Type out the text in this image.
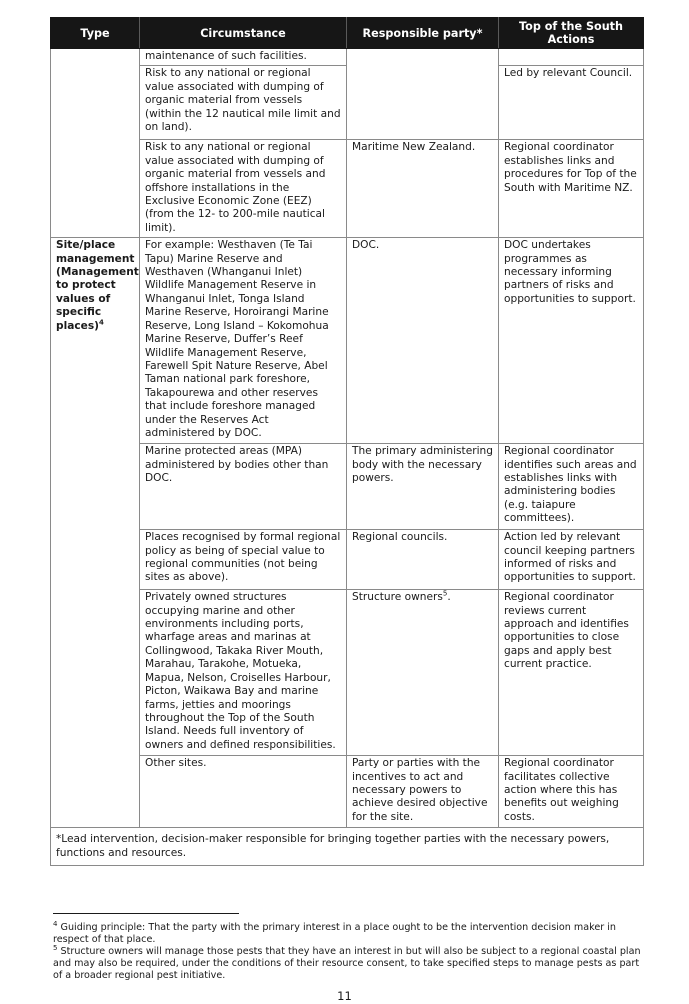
Type	Circumstance	Responsible party*	Top of the South Actions
	maintenance of such facilities.		
	Risk to any national or regional value associated with dumping of organic material from vessels (within the 12 nautical mile limit and on land).		Led by relevant Council.
	Risk to any national or regional value associated with dumping of organic material from vessels and offshore installations in the Exclusive Economic Zone (EEZ) (from the 12- to 200-mile nautical limit).	Maritime New Zealand.	Regional coordinator establishes links and procedures for Top of the South with Maritime NZ.
Site/place management (Management to protect values of specific places)$^4$	For example: Westhaven (Te Tai Tapu) Marine Reserve and Westhaven (Whanganui Inlet) Wildlife Management Reserve in Whanganui Inlet, Tonga Island Marine Reserve, Horoirangi Marine Reserve, Long Island – Kokomohua Marine Reserve, Duffer’s Reef Wildlife Management Reserve, Farewell Spit Nature Reserve, Abel Taman national park foreshore, Takapourewa and other reserves that include foreshore managed under the Reserves Act administered by DOC.	DOC.	DOC undertakes programmes as necessary informing partners of risks and opportunities to support.
	Marine protected areas (MPA) administered by bodies other than DOC.	The primary administering body with the necessary powers.	Regional coordinator identifies such areas and establishes links with administering bodies (e.g. taiapure committees).
	Places recognised by formal regional policy as being of special value to regional communities (not being sites as above).	Regional councils.	Action led by relevant council keeping partners informed of risks and opportunities to support.
	Privately owned structures occupying marine and other environments including ports, wharfage areas and marinas at Collingwood, Takaka River Mouth, Marahau, Tarakohe, Motueka, Mapua, Nelson, Croiselles Harbour, Picton, Waikawa Bay and marine farms, jetties and moorings throughout the Top of the South Island. Needs full inventory of owners and defined responsibilities.	Structure owners$^5$.	Regional coordinator reviews current approach and identifies opportunities to close gaps and apply best current practice.
	Other sites.	Party or parties with the incentives to act and necessary powers to achieve desired objective for the site.	Regional coordinator facilitates collective action where this has benefits out weighing costs.
*Lead intervention, decision-maker responsible for bringing together parties with the necessary powers, functions and resources.			

$^4$ Guiding principle: That the party with the primary interest in a place ought to be the intervention decision maker in respect of that place.

$^5$ Structure owners will manage those pests that they have an interest in but will also be subject to a regional coastal plan and may also be required, under the conditions of their resource consent, to take specified steps to manage pests as part of a broader regional pest initiative.

11
